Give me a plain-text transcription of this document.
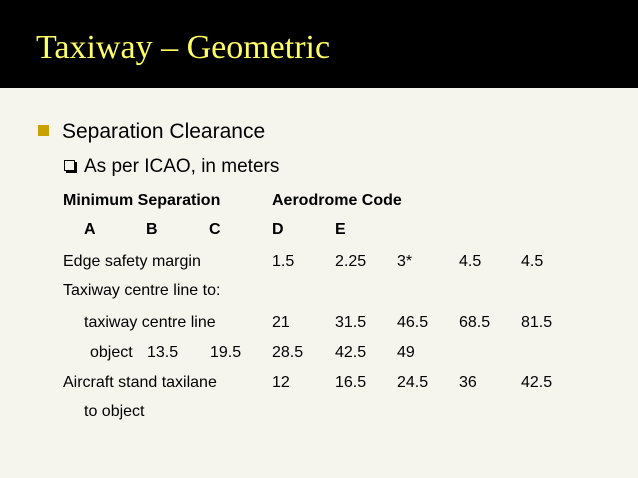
Taxiway – Geometric
Separation Clearance
As per ICAO, in meters
Minimum Separation	Aerodrome Code
A	B	C	D	E
Edge safety margin	1.5	2.25 3*	4.5 4.5
Taxiway centre line to:
taxiway centre line	21	31.5 46.5 68.5 81.5
object 13.5 19.5 28.5 42.5 49
Aircraft stand taxilane	12	16.5 24.5 36	42.5
to object
